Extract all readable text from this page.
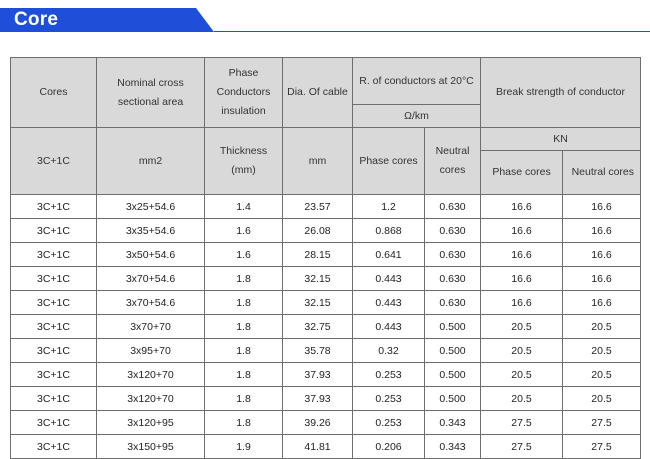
Core
Cores	Nominal cross sectional area	Phase Conductors insulation	Dia. Of cable	R. of conductors at 20°C		Break strength of conductor	
				Ω/km			
3C+1C	mm2	Thickness (mm)	mm	Phase cores	Neutral cores	KN	
						Phase cores	Neutral cores
3C+1C	3x25+54.6	1.4	23.57	1.2	0.630	16.6	16.6
3C+1C	3x35+54.6	1.6	26.08	0.868	0.630	16.6	16.6
3C+1C	3x50+54.6	1.6	28.15	0.641	0.630	16.6	16.6
3C+1C	3x70+54.6	1.8	32.15	0.443	0.630	16.6	16.6
3C+1C	3x70+54.6	1.8	32.15	0.443	0.630	16.6	16.6
3C+1C	3x70+70	1.8	32.75	0.443	0.500	20.5	20.5
3C+1C	3x95+70	1.8	35.78	0.32	0.500	20.5	20.5
3C+1C	3x120+70	1.8	37.93	0.253	0.500	20.5	20.5
3C+1C	3x120+70	1.8	37.93	0.253	0.500	20.5	20.5
3C+1C	3x120+95	1.8	39.26	0.253	0.343	27.5	27.5
3C+1C	3x150+95	1.9	41.81	0.206	0.343	27.5	27.5
